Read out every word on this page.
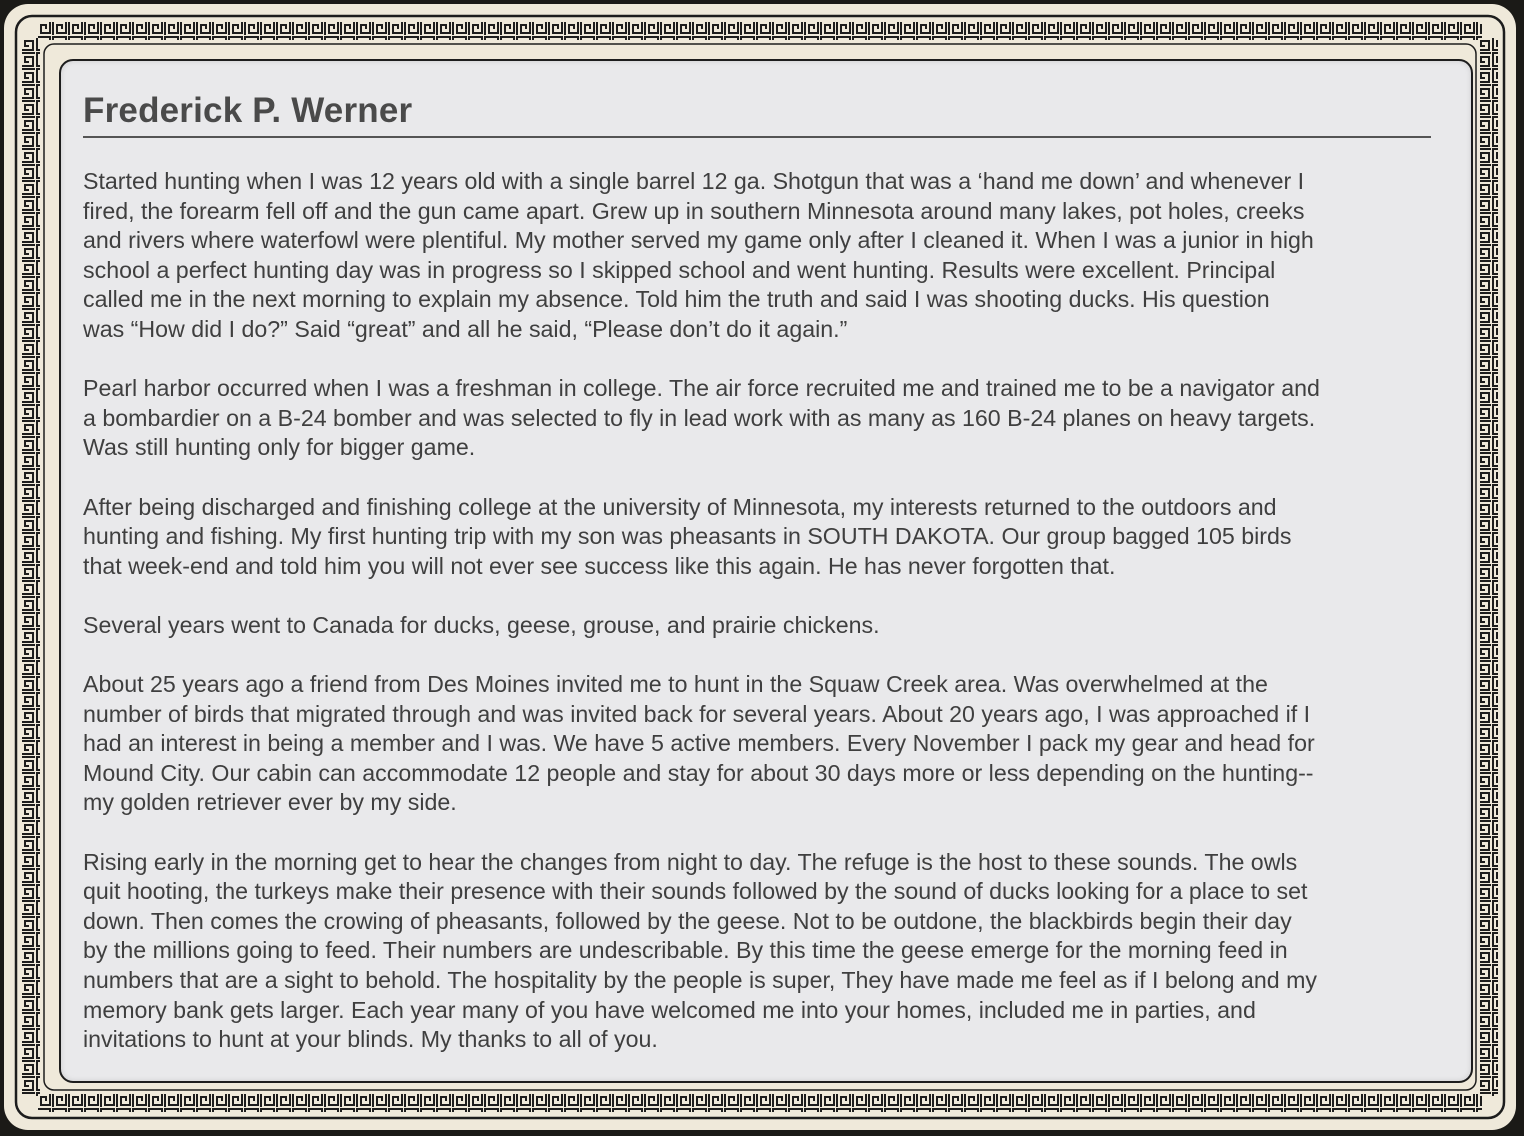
Frederick P. Werner

Started hunting when I was 12 years old with a single barrel 12 ga. Shotgun that was a ‘hand me down’ and whenever I
fired, the forearm fell off and the gun came apart. Grew up in southern Minnesota around many lakes, pot holes, creeks
and rivers where waterfowl were plentiful. My mother served my game only after I cleaned it. When I was a junior in high
school a perfect hunting day was in progress so I skipped school and went hunting. Results were excellent. Principal
called me in the next morning to explain my absence. Told him the truth and said I was shooting ducks. His question
was “How did I do?” Said “great” and all he said, “Please don’t do it again.”

Pearl harbor occurred when I was a freshman in college. The air force recruited me and trained me to be a navigator and
a bombardier on a B-24 bomber and was selected to fly in lead work with as many as 160 B-24 planes on heavy targets.
Was still hunting only for bigger game.

After being discharged and finishing college at the university of Minnesota, my interests returned to the outdoors and
hunting and fishing. My first hunting trip with my son was pheasants in SOUTH DAKOTA. Our group bagged 105 birds
that week-end and told him you will not ever see success like this again. He has never forgotten that.

Several years went to Canada for ducks, geese, grouse, and prairie chickens.

About 25 years ago a friend from Des Moines invited me to hunt in the Squaw Creek area. Was overwhelmed at the
number of birds that migrated through and was invited back for several years. About 20 years ago, I was approached if I
had an interest in being a member and I was. We have 5 active members. Every November I pack my gear and head for
Mound City. Our cabin can accommodate 12 people and stay for about 30 days more or less depending on the hunting--
my golden retriever ever by my side.

Rising early in the morning get to hear the changes from night to day. The refuge is the host to these sounds. The owls
quit hooting, the turkeys make their presence with their sounds followed by the sound of ducks looking for a place to set
down. Then comes the crowing of pheasants, followed by the geese. Not to be outdone, the blackbirds begin their day
by the millions going to feed. Their numbers are undescribable. By this time the geese emerge for the morning feed in
numbers that are a sight to behold. The hospitality by the people is super, They have made me feel as if I belong and my
memory bank gets larger. Each year many of you have welcomed me into your homes, included me in parties, and
invitations to hunt at your blinds. My thanks to all of you.
